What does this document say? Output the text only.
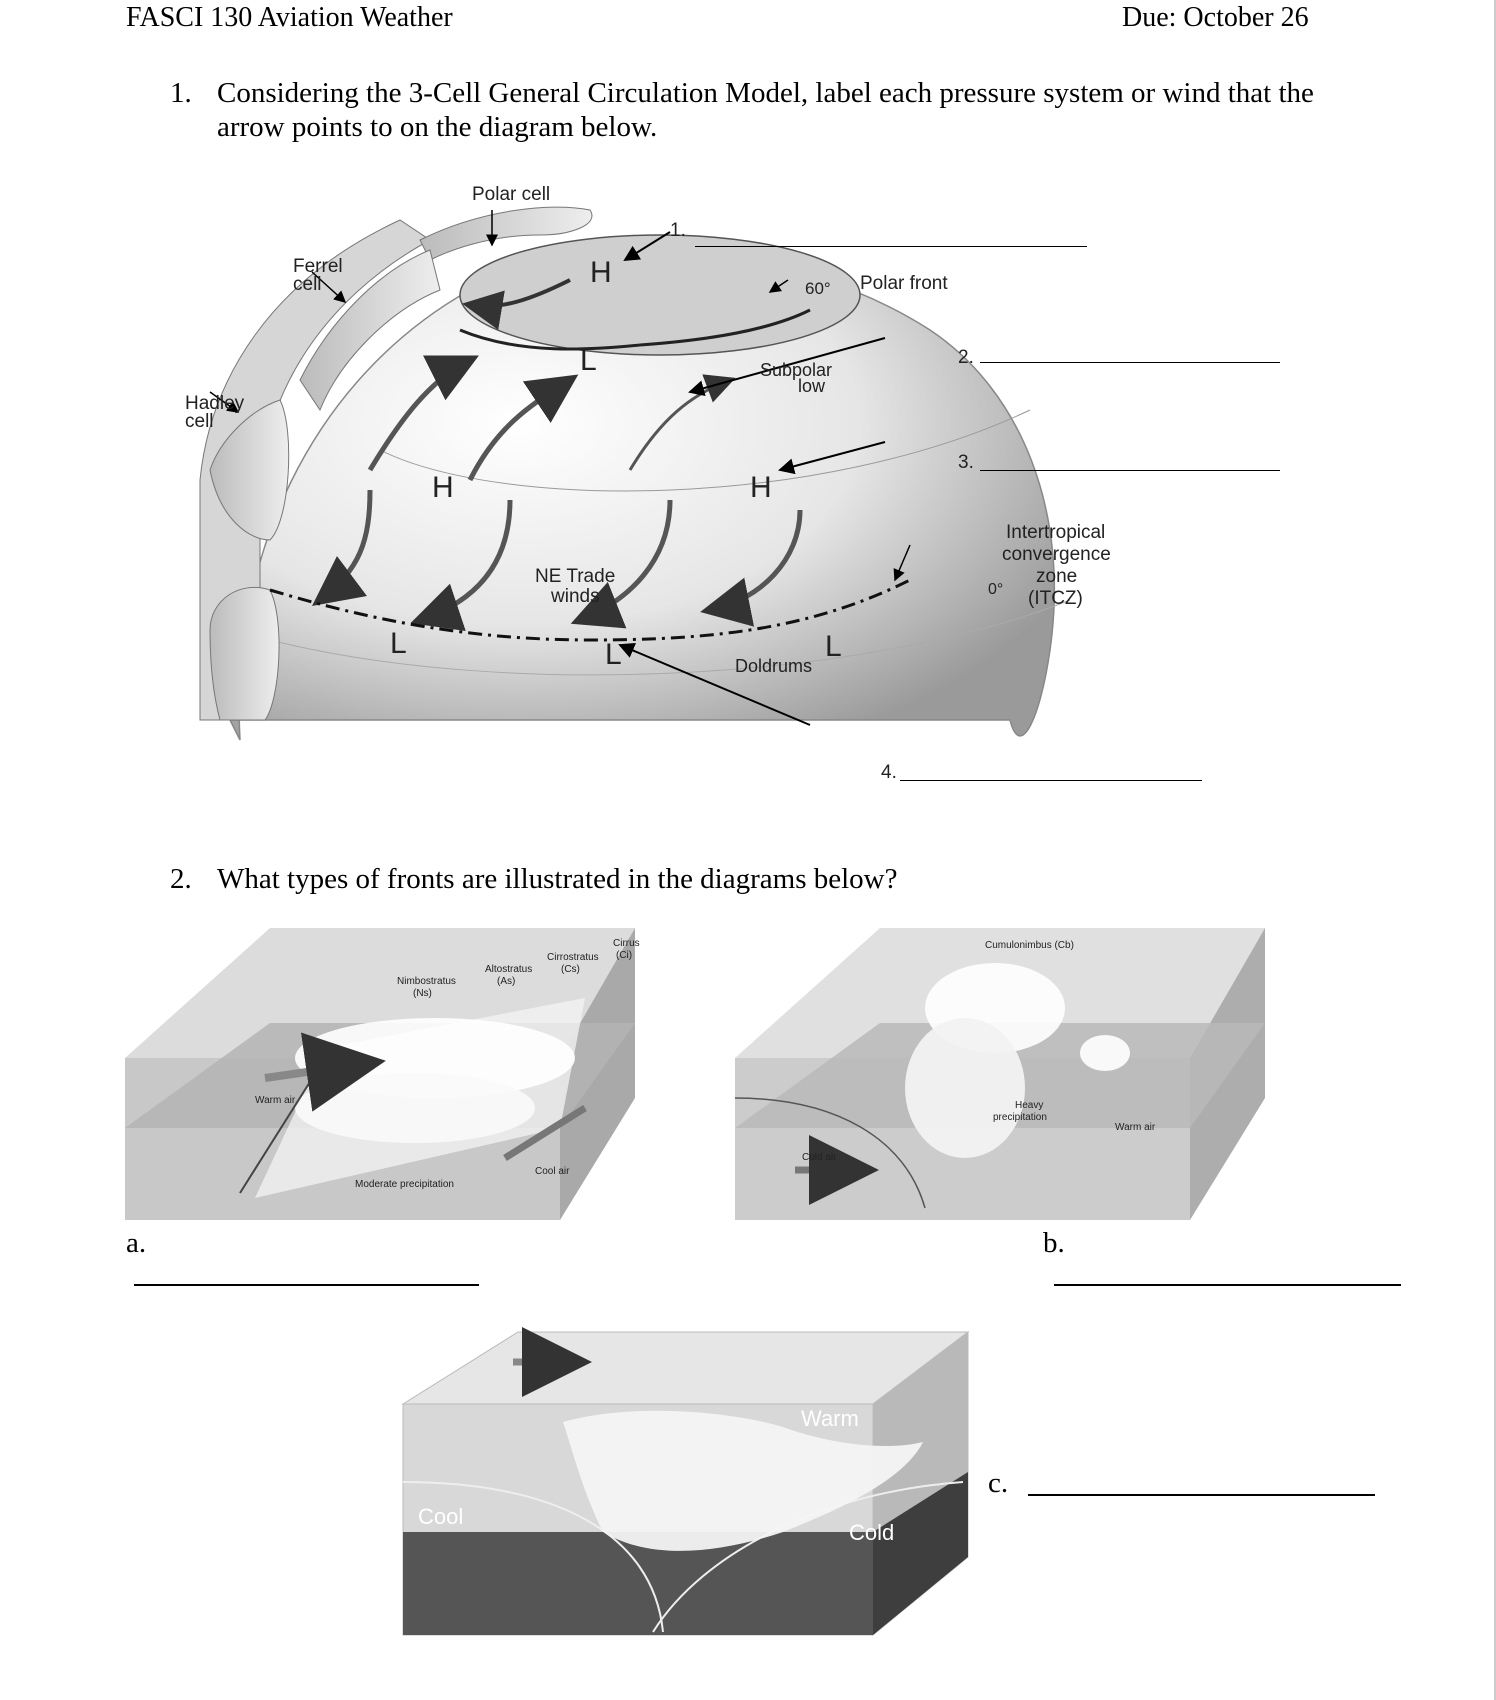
FASCI 130 Aviation Weather	Due: October 26
1. Considering the 3-Cell General Circulation Model, label each pressure system or wind that the
arrow points to on the diagram below.
H
L
H	H
L	L	L
Polar cell
Ferrel
cell
Hadley
cell
60° Polar front
Subpolar
low
NE Trade
winds
Doldrums
Intertropical
convergence
zone
(ITCZ)
0°
1.
2.
3.
4.
2. What types of fronts are illustrated in the diagrams below?
Cirrus
(Ci)
Cirrostratus
(Cs)
Altostratus
(As)
Nimbostratus
(Ns)
Warm air
Cool air
Moderate precipitation
Cumulonimbus (Cb)
Heavy
precipitation
Warm air
Cold air
a.	b.
Warm
Cool
Cold
c.
